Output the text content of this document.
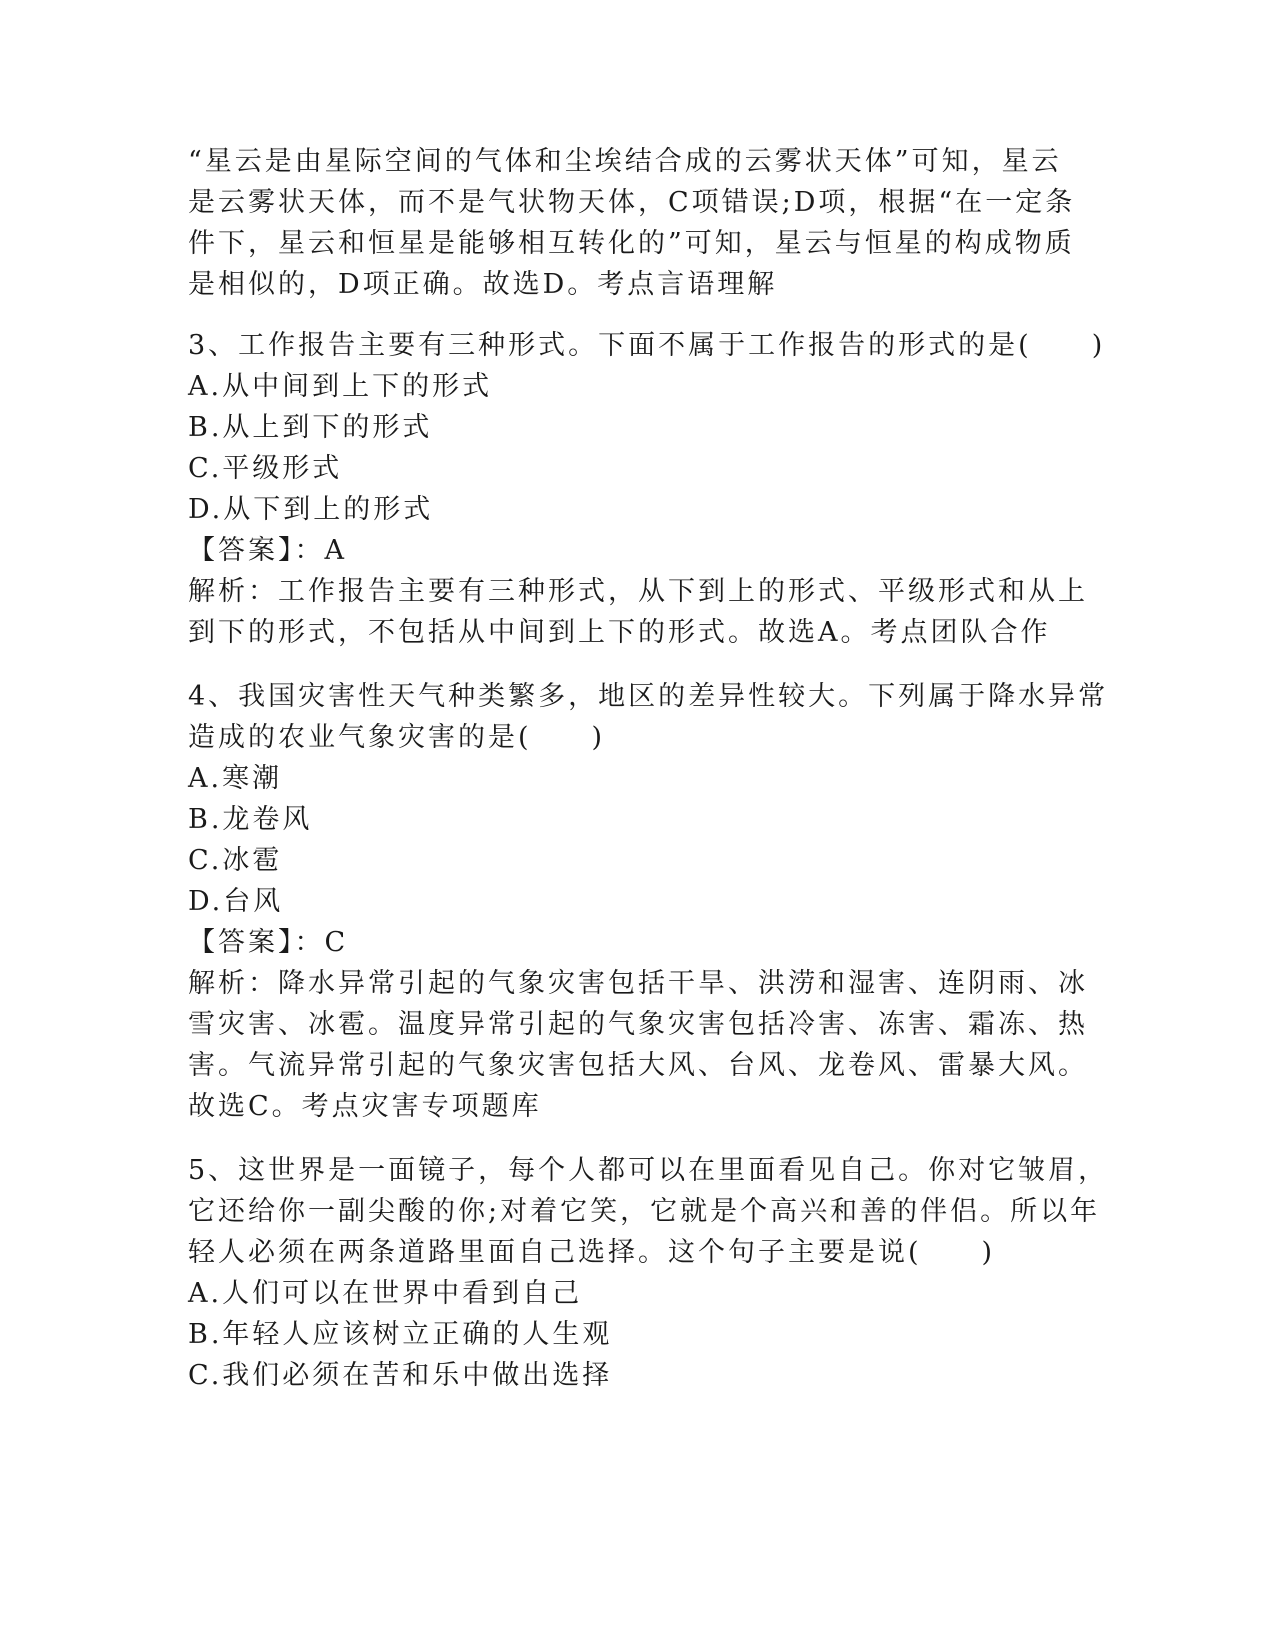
“星云是由星际空间的气体和尘埃结合成的云雾状天体”可知，星云
是云雾状天体，而不是气状物天体，C项错误;D项，根据“在一定条
件下，星云和恒星是能够相互转化的”可知，星云与恒星的构成物质
是相似的，D项正确。故选D。考点言语理解
3、工作报告主要有三种形式。下面不属于工作报告的形式的是(　　)
A.从中间到上下的形式
B.从上到下的形式
C.平级形式
D.从下到上的形式
【答案】：A
解析：工作报告主要有三种形式，从下到上的形式、平级形式和从上
到下的形式，不包括从中间到上下的形式。故选A。考点团队合作
4、我国灾害性天气种类繁多，地区的差异性较大。下列属于降水异常
造成的农业气象灾害的是(　　)
A.寒潮
B.龙卷风
C.冰雹
D.台风
【答案】：C
解析：降水异常引起的气象灾害包括干旱、洪涝和湿害、连阴雨、冰
雪灾害、冰雹。温度异常引起的气象灾害包括冷害、冻害、霜冻、热
害。气流异常引起的气象灾害包括大风、台风、龙卷风、雷暴大风。
故选C。考点灾害专项题库
5、这世界是一面镜子，每个人都可以在里面看见自己。你对它皱眉，
它还给你一副尖酸的你;对着它笑，它就是个高兴和善的伴侣。所以年
轻人必须在两条道路里面自己选择。这个句子主要是说(　　)
A.人们可以在世界中看到自己
B.年轻人应该树立正确的人生观
C.我们必须在苦和乐中做出选择
